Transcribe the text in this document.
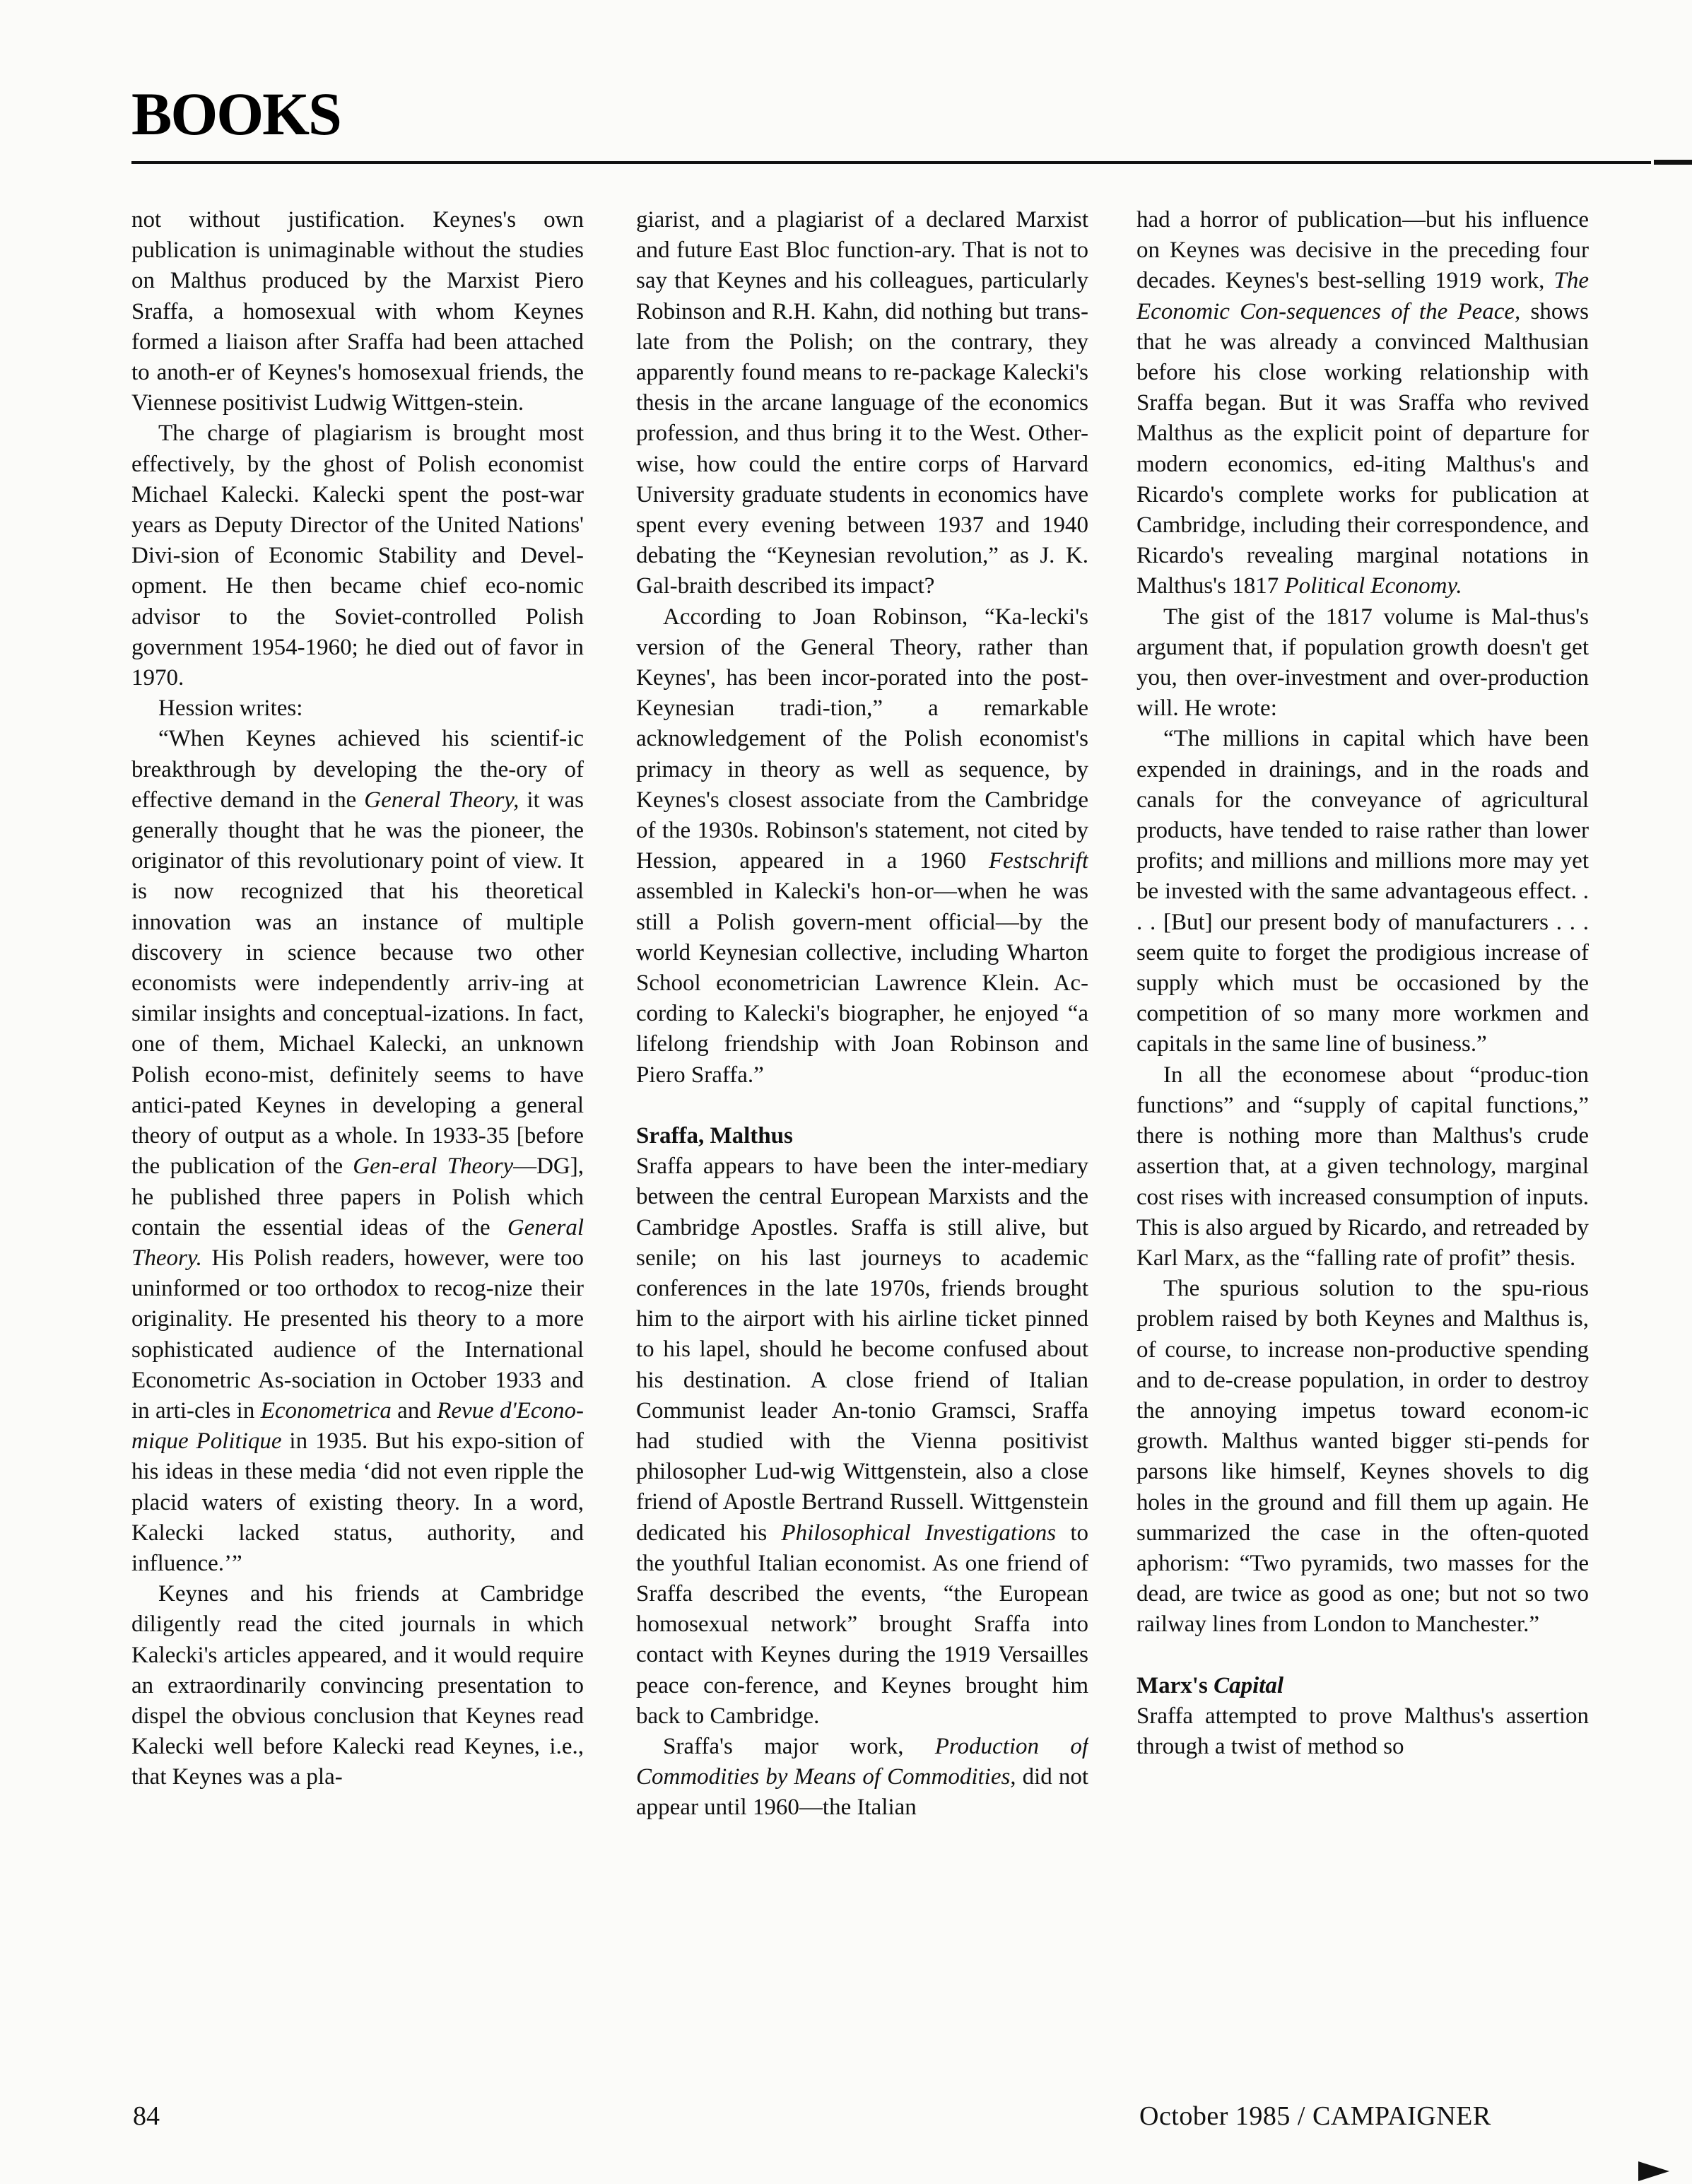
BOOKS

not without justification. Keynes's own publication is unimaginable without the studies on Malthus produced by the Marxist Piero Sraffa, a homosexual with whom Keynes formed a liaison after Sraffa had been attached to anoth-er of Keynes's homosexual friends, the Viennese positivist Ludwig Wittgen-stein.

The charge of plagiarism is brought most effectively, by the ghost of Polish economist Michael Kalecki. Kalecki spent the post-war years as Deputy Director of the United Nations' Divi-sion of Economic Stability and Devel-opment. He then became chief eco-nomic advisor to the Soviet-controlled Polish government 1954-1960; he died out of favor in 1970.

Hession writes:

“When Keynes achieved his scientif-ic breakthrough by developing the the-ory of effective demand in the General Theory, it was generally thought that he was the pioneer, the originator of this revolutionary point of view. It is now recognized that his theoretical innovation was an instance of multiple discovery in science because two other economists were independently arriv-ing at similar insights and conceptual-izations. In fact, one of them, Michael Kalecki, an unknown Polish econo-mist, definitely seems to have antici-pated Keynes in developing a general theory of output as a whole. In 1933-35 [before the publication of the Gen-eral Theory—DG], he published three papers in Polish which contain the essential ideas of the General Theory. His Polish readers, however, were too uninformed or too orthodox to recog-nize their originality. He presented his theory to a more sophisticated audience of the International Econometric As-sociation in October 1933 and in arti-cles in Econometrica and Revue d'Econo-mique Politique in 1935. But his expo-sition of his ideas in these media ‘did not even ripple the placid waters of existing theory. In a word, Kalecki lacked status, authority, and influence.’”

Keynes and his friends at Cambridge diligently read the cited journals in which Kalecki's articles appeared, and it would require an extraordinarily convincing presentation to dispel the obvious conclusion that Keynes read Kalecki well before Kalecki read Keynes, i.e., that Keynes was a pla-

giarist, and a plagiarist of a declared Marxist and future East Bloc function-ary. That is not to say that Keynes and his colleagues, particularly Robinson and R.H. Kahn, did nothing but trans-late from the Polish; on the contrary, they apparently found means to re-package Kalecki's thesis in the arcane language of the economics profession, and thus bring it to the West. Other-wise, how could the entire corps of Harvard University graduate students in economics have spent every evening between 1937 and 1940 debating the “Keynesian revolution,” as J. K. Gal-braith described its impact?

According to Joan Robinson, “Ka-lecki's version of the General Theory, rather than Keynes', has been incor-porated into the post-Keynesian tradi-tion,” a remarkable acknowledgement of the Polish economist's primacy in theory as well as sequence, by Keynes's closest associate from the Cambridge of the 1930s. Robinson's statement, not cited by Hession, appeared in a 1960 Festschrift assembled in Kalecki's hon-or—when he was still a Polish govern-ment official—by the world Keynesian collective, including Wharton School econometrician Lawrence Klein. Ac-cording to Kalecki's biographer, he enjoyed “a lifelong friendship with Joan Robinson and Piero Sraffa.”

Sraffa, Malthus

Sraffa appears to have been the inter-mediary between the central European Marxists and the Cambridge Apostles. Sraffa is still alive, but senile; on his last journeys to academic conferences in the late 1970s, friends brought him to the airport with his airline ticket pinned to his lapel, should he become confused about his destination. A close friend of Italian Communist leader An-tonio Gramsci, Sraffa had studied with the Vienna positivist philosopher Lud-wig Wittgenstein, also a close friend of Apostle Bertrand Russell. Wittgenstein dedicated his Philosophical Investigations to the youthful Italian economist. As one friend of Sraffa described the events, “the European homosexual network” brought Sraffa into contact with Keynes during the 1919 Versailles peace con-ference, and Keynes brought him back to Cambridge.

Sraffa's major work, Production of Commodities by Means of Commodities, did not appear until 1960—the Italian

had a horror of publication—but his influence on Keynes was decisive in the preceding four decades. Keynes's best-selling 1919 work, The Economic Con-sequences of the Peace, shows that he was already a convinced Malthusian before his close working relationship with Sraffa began. But it was Sraffa who revived Malthus as the explicit point of departure for modern economics, ed-iting Malthus's and Ricardo's complete works for publication at Cambridge, including their correspondence, and Ricardo's revealing marginal notations in Malthus's 1817 Political Economy.

The gist of the 1817 volume is Mal-thus's argument that, if population growth doesn't get you, then over-investment and over-production will. He wrote:

“The millions in capital which have been expended in drainings, and in the roads and canals for the conveyance of agricultural products, have tended to raise rather than lower profits; and millions and millions more may yet be invested with the same advantageous effect. . . . [But] our present body of manufacturers . . . seem quite to forget the prodigious increase of supply which must be occasioned by the competition of so many more workmen and capitals in the same line of business.”

In all the economese about “produc-tion functions” and “supply of capital functions,” there is nothing more than Malthus's crude assertion that, at a given technology, marginal cost rises with increased consumption of inputs. This is also argued by Ricardo, and retreaded by Karl Marx, as the “falling rate of profit” thesis.

The spurious solution to the spu-rious problem raised by both Keynes and Malthus is, of course, to increase non-productive spending and to de-crease population, in order to destroy the annoying impetus toward econom-ic growth. Malthus wanted bigger sti-pends for parsons like himself, Keynes shovels to dig holes in the ground and fill them up again. He summarized the case in the often-quoted aphorism: “Two pyramids, two masses for the dead, are twice as good as one; but not so two railway lines from London to Manchester.”

Marx's Capital

Sraffa attempted to prove Malthus's assertion through a twist of method so

84	October 1985 / CAMPAIGNER
